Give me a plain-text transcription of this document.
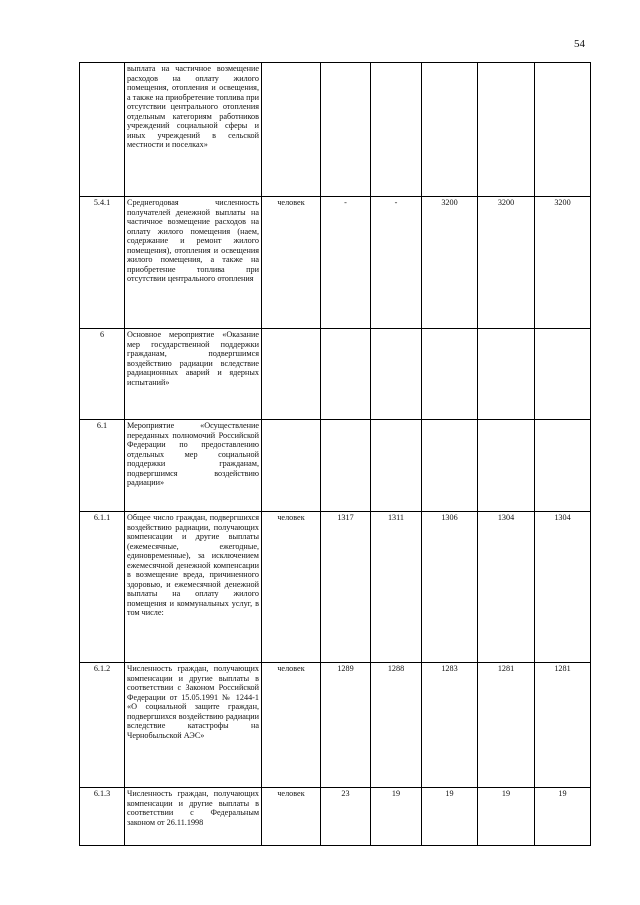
54

	выплата на частичное возмещение расходов на оплату жилого помещения, отопления и освещения, а также на приобретение топлива при отсутствии центрального отопления отдельным категориям работников учреждений социальной сферы и иных учреждений в сельской местности и поселках»						

5.4.1	Среднегодовая численность получателей денежной выплаты на частичное возмещение расходов на оплату жилого помещения (наем, содержание и ремонт жилого помещения), отопления и освещения жилого помещения, а также на приобретение топлива при отсутствии центрального отопления	человек	-	-	3200	3200	3200
6	Основное мероприятие «Оказание мер государственной поддержки гражданам, подвергшимся воздействию радиации вследствие радиационных аварий и ядерных испытаний»						

6.1	Мероприятие «Осуществление переданных полномочий Российской Федерации по предоставлению отдельных мер социальной поддержки гражданам, подвергшимся воздействию радиации»						

6.1.1	Общее число граждан, подвергшихся воздействию радиации, получающих компенсации и другие выплаты (ежемесячные, ежегодные, единовременные), за исключением ежемесячной денежной компенсации в возмещение вреда, причиненного здоровью, и ежемесячной денежной выплаты на оплату жилого помещения и коммунальных услуг, в том числе:	человек	1317	1311	1306	1304	1304
6.1.2	Численность граждан, получающих компенсации и другие выплаты в соответствии с Законом Российской Федерации от 15.05.1991 № 1244-1 «О социальной защите граждан, подвергшихся воздействию радиации вследствие катастрофы на Чернобыльской АЭС»	человек	1289	1288	1283	1281	1281
6.1.3	Численность граждан, получающих компенсации и другие выплаты в соответствии с Федеральным законом от 26.11.1998	человек	23	19	19	19	19
